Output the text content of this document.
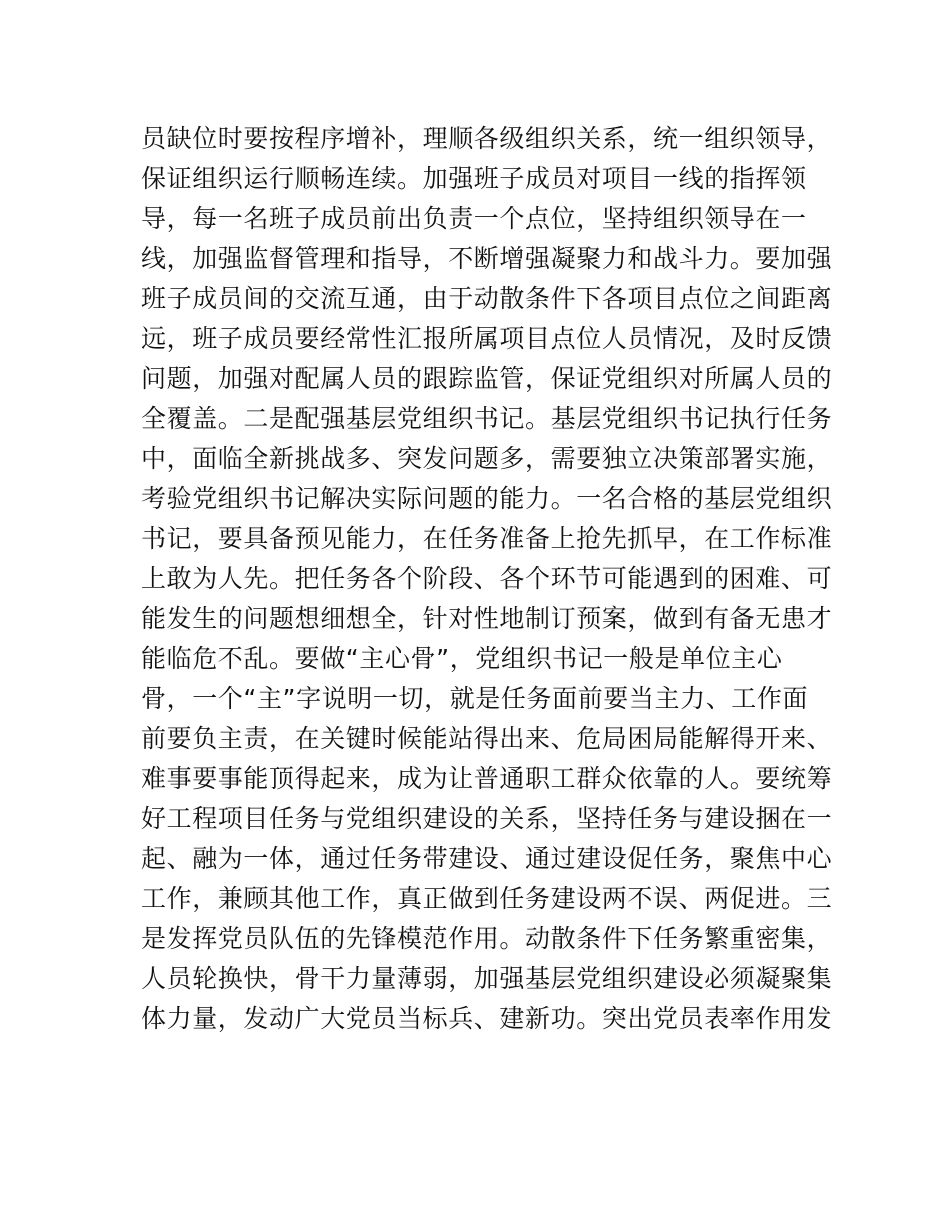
员缺位时要按程序增补，理顺各级组织关系，统一组织领导，
保证组织运行顺畅连续。加强班子成员对项目一线的指挥领
导，每一名班子成员前出负责一个点位，坚持组织领导在一
线，加强监督管理和指导，不断增强凝聚力和战斗力。要加强
班子成员间的交流互通，由于动散条件下各项目点位之间距离
远，班子成员要经常性汇报所属项目点位人员情况，及时反馈
问题，加强对配属人员的跟踪监管，保证党组织对所属人员的
全覆盖。二是配强基层党组织书记。基层党组织书记执行任务
中，面临全新挑战多、突发问题多，需要独立决策部署实施，
考验党组织书记解决实际问题的能力。一名合格的基层党组织
书记，要具备预见能力，在任务准备上抢先抓早，在工作标准
上敢为人先。把任务各个阶段、各个环节可能遇到的困难、可
能发生的问题想细想全，针对性地制订预案，做到有备无患才
能临危不乱。要做“主心骨”，党组织书记一般是单位主心
骨，一个“主”字说明一切，就是任务面前要当主力、工作面
前要负主责，在关键时候能站得出来、危局困局能解得开来、
难事要事能顶得起来，成为让普通职工群众依靠的人。要统筹
好工程项目任务与党组织建设的关系，坚持任务与建设捆在一
起、融为一体，通过任务带建设、通过建设促任务，聚焦中心
工作，兼顾其他工作，真正做到任务建设两不误、两促进。三
是发挥党员队伍的先锋模范作用。动散条件下任务繁重密集，
人员轮换快，骨干力量薄弱，加强基层党组织建设必须凝聚集
体力量，发动广大党员当标兵、建新功。突出党员表率作用发
